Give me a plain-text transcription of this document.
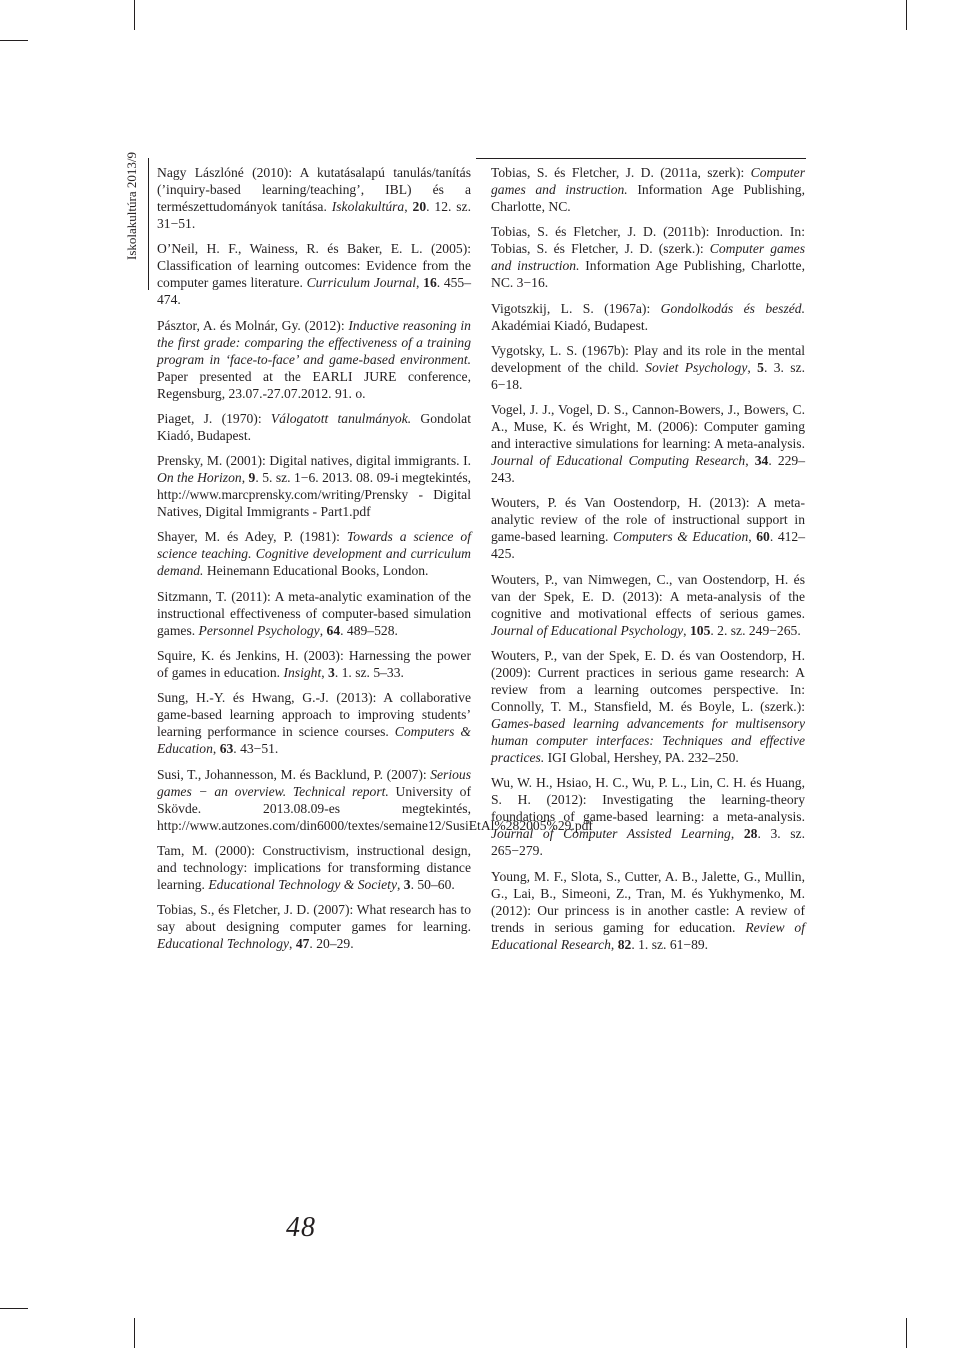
Iskolakultúra 2013/9 Nagy Lászlóné (2010): A kutatásalapú tanulás/tanítás (’inquiry-based learning/teaching’, IBL) és a természettudományok tanítása. Iskolakultúra, 20. 12. sz. 31−51.

O’Neil, H. F., Wainess, R. és Baker, E. L. (2005): Classification of learning outcomes: Evidence from the computer games literature. Curriculum Journal, 16. 455–474.

Pásztor, A. és Molnár, Gy. (2012): Inductive reasoning in the first grade: comparing the effectiveness of a training program in ‘face-to-face’ and game-based environment. Paper presented at the EARLI JURE conference, Regensburg, 23.07.-27.07.2012. 91. o.

Piaget, J. (1970): Válogatott tanulmányok. Gondolat Kiadó, Budapest.

Prensky, M. (2001): Digital natives, digital immigrants. I. On the Horizon, 9. 5. sz. 1−6. 2013. 08. 09-i megtekintés, http://www.marcprensky.com/writing/Prensky - Digital Natives, Digital Immigrants - Part1.pdf

Shayer, M. és Adey, P. (1981): Towards a science of science teaching. Cognitive development and curriculum demand. Heinemann Educational Books, London.

Sitzmann, T. (2011): A meta-analytic examination of the instructional effectiveness of computer-based simulation games. Personnel Psychology, 64. 489–528.

Squire, K. és Jenkins, H. (2003): Harnessing the power of games in education. Insight, 3. 1. sz. 5–33.

Sung, H.-Y. és Hwang, G.-J. (2013): A collaborative game-based learning approach to improving students’ learning performance in science courses. Computers & Education, 63. 43−51.

Susi, T., Johannesson, M. és Backlund, P. (2007): Serious games − an overview. Technical report. University of Skövde. 2013.08.09-es megtekintés, http://www.autzones.com/din6000/textes/semaine12/SusiEtAl%282005%29.pdf

Tam, M. (2000): Constructivism, instructional design, and technology: implications for transforming distance learning. Educational Technology & Society, 3. 50–60.

Tobias, S., és Fletcher, J. D. (2007): What research has to say about designing computer games for learning. Educational Technology, 47. 20–29.

Tobias, S. és Fletcher, J. D. (2011a, szerk): Computer games and instruction. Information Age Publishing, Charlotte, NC.

Tobias, S. és Fletcher, J. D. (2011b): Inroduction. In: Tobias, S. és Fletcher, J. D. (szerk.): Computer games and instruction. Information Age Publishing, Charlotte, NC. 3−16.

Vigotszkij, L. S. (1967a): Gondolkodás és beszéd. Akadémiai Kiadó, Budapest.

Vygotsky, L. S. (1967b): Play and its role in the mental development of the child. Soviet Psychology, 5. 3. sz. 6−18.

Vogel, J. J., Vogel, D. S., Cannon-Bowers, J., Bowers, C. A., Muse, K. és Wright, M. (2006): Computer gaming and interactive simulations for learning: A meta-analysis. Journal of Educational Computing Research, 34. 229–243.

Wouters, P. és Van Oostendorp, H. (2013): A meta-analytic review of the role of instructional support in game-based learning. Computers & Education, 60. 412–425.

Wouters, P., van Nimwegen, C., van Oostendorp, H. és van der Spek, E. D. (2013): A meta-analysis of the cognitive and motivational effects of serious games. Journal of Educational Psychology, 105. 2. sz. 249−265.

Wouters, P., van der Spek, E. D. és van Oostendorp, H. (2009): Current practices in serious game research: A review from a learning outcomes perspective. In: Connolly, T. M., Stansfield, M. és Boyle, L. (szerk.): Games-based learning advancements for multisensory human computer interfaces: Techniques and effective practices. IGI Global, Hershey, PA. 232–250.

Wu, W. H., Hsiao, H. C., Wu, P. L., Lin, C. H. és Huang, S. H. (2012): Investigating the learning-theory foundations of game-based learning: a meta-analysis. Journal of Computer Assisted Learning, 28. 3. sz. 265−279.

Young, M. F., Slota, S., Cutter, A. B., Jalette, G., Mullin, G., Lai, B., Simeoni, Z., Tran, M. és Yukhymenko, M. (2012): Our princess is in another castle: A review of trends in serious gaming for education. Review of Educational Research, 82. 1. sz. 61−89.

48
